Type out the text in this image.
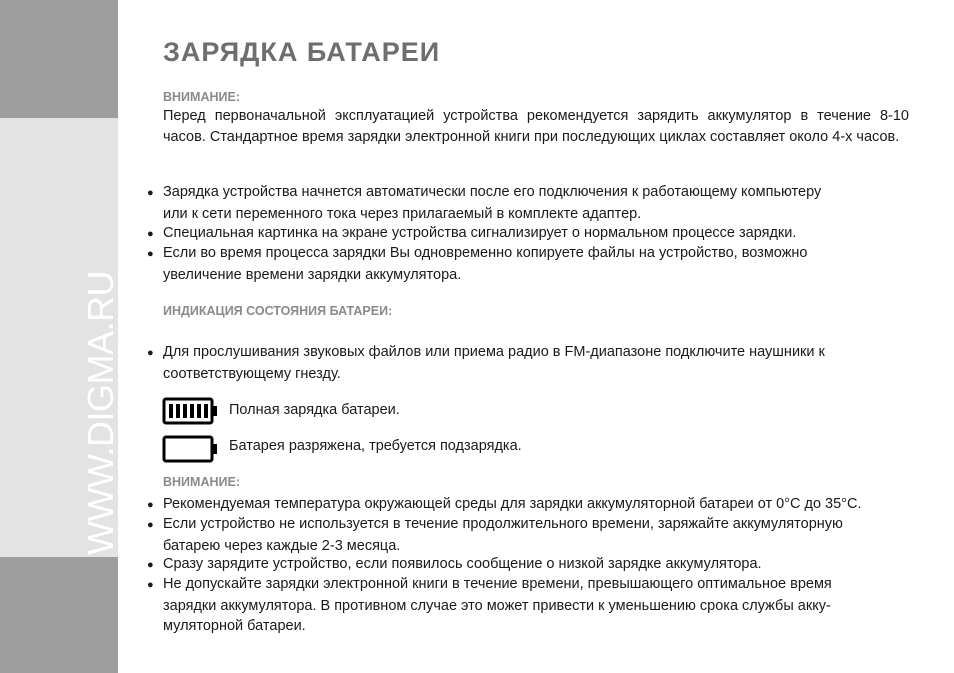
WWW.DIGMA.RU
ЗАРЯДКА БАТАРЕИ
ВНИМАНИЕ:

Перед первоначальной эксплуатацией устройства рекомендуется зарядить аккумулятор в течение 8-10 часов. Стандартное время зарядки электронной книги при последующих циклах составляет около 4-х часов.

● Зарядка устройства начнется автоматически после его подключения к работающему компьютеру
или к сети переменного тока через прилагаемый в комплекте адаптер.

● Специальная картинка на экране устройства сигнализирует о нормальном процессе зарядки.

● Если во время процесса зарядки Вы одновременно копируете файлы на устройство, возможно
увеличение времени зарядки аккумулятора.

ИНДИКАЦИЯ СОСТОЯНИЯ БАТАРЕИ:

● Для прослушивания звуковых файлов или приема радио в FM-диапазоне подключите наушники к
соответствующему гнезду.

Полная зарядка батареи.
Батарея разряжена, требуется подзарядка.
ВНИМАНИЕ:

● Рекомендуемая температура окружающей среды для зарядки аккумуляторной батареи от 0°С до 35°С.

● Если устройство не используется в течение продолжительного времени, заряжайте аккумуляторную
батарею через каждые 2-3 месяца.

● Сразу зарядите устройство, если появилось сообщение о низкой зарядке аккумулятора.

● Не допускайте зарядки электронной книги в течение времени, превышающего оптимальное время
зарядки аккумулятора. В противном случае это может привести к уменьшению срока службы акку-
муляторной батареи.
